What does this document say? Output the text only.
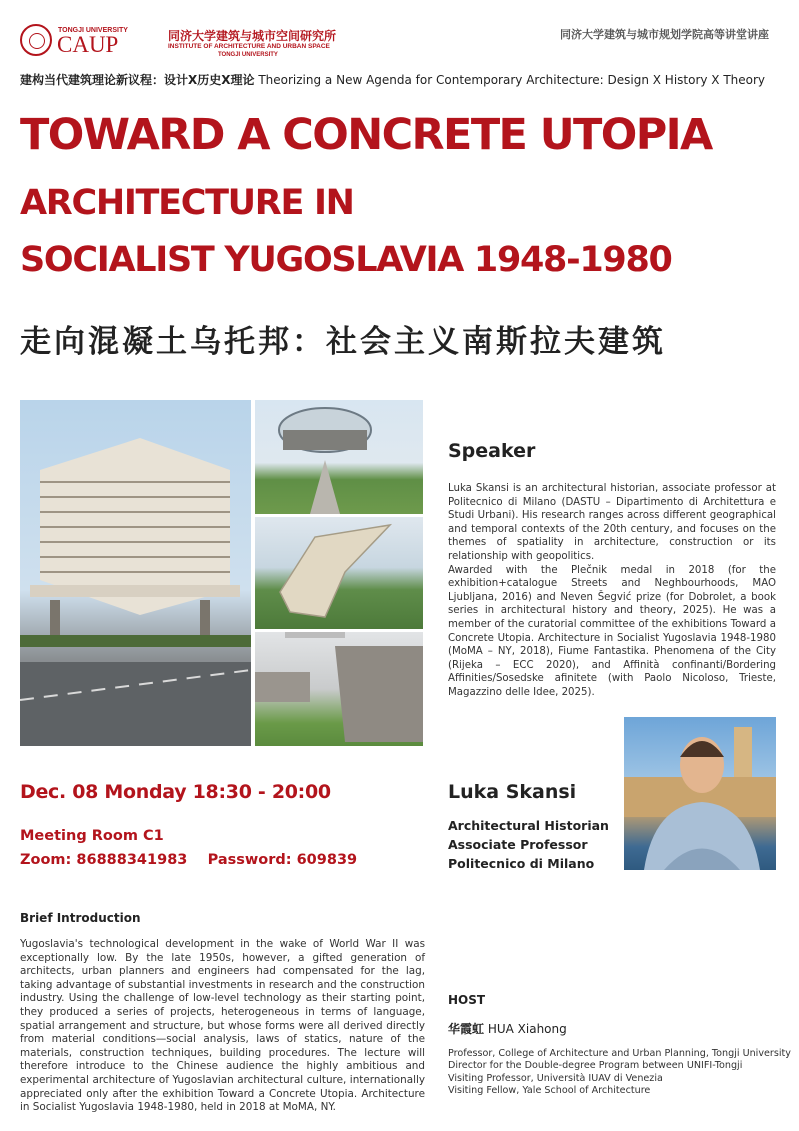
TONGJI UNIVERSITY
CAUP	同济大学建筑与城市空间研究所
INSTITUTE OF ARCHITECTURE AND URBAN SPACE
TONGJI UNIVERSITY
同济大学建筑与城市规划学院高等讲堂讲座
建构当代建筑理论新议程：设计X历史X理论 Theorizing a New Agenda for Contemporary Architecture: Design X History X Theory
TOWARD A CONCRETE UTOPIA
ARCHITECTURE IN
SOCIALIST YUGOSLAVIA 1948-1980
走向混凝土乌托邦：社会主义南斯拉夫建筑
Speaker

Luka Skansi is an architectural historian, associate professor at Politecnico di Milano (DASTU – Dipartimento di Architettura e Studi Urbani). His research ranges across different geographical and temporal contexts of the 20th century, and focuses on the themes of spatiality in architecture, construction or its relationship with geopolitics.

Awarded with the Plečnik medal in 2018 (for the exhibition+catalogue Streets and Neghbourhoods, MAO Ljubljana, 2016) and Neven Šegvić prize (for Dobrolet, a book series in architectural history and theory, 2025). He was a member of the curatorial committee of the exhibitions Toward a Concrete Utopia. Architecture in Socialist Yugoslavia 1948-1980 (MoMA – NY, 2018), Fiume Fantastika. Phenomena of the City (Rijeka – ECC 2020), and Affinità confinanti/Bordering Affinities/Sosedske afinitete (with Paolo Nicoloso, Trieste, Magazzino delle Idee, 2025).

Dec. 08 Monday 18:30 - 20:00
Meeting Room C1
Zoom: 86888341983 Password: 609839
Luka Skansi
Architectural Historian
Associate Professor
Politecnico di Milano
Brief Introduction
Yugoslavia's technological development in the wake of World War II was exceptionally low. By the late 1950s, however, a gifted generation of architects, urban planners and engineers had compensated for the lag, taking advantage of substantial investments in research and the construction industry. Using the challenge of low-level technology as their starting point, they produced a series of projects, heterogeneous in terms of language, spatial arrangement and structure, but whose forms were all derived directly from material conditions—social analysis, laws of statics, nature of the materials, construction techniques, building procedures. The lecture will therefore introduce to the Chinese audience the highly ambitious and experimental architecture of Yugoslavian architectural culture, internationally appreciated only after the exhibition Toward a Concrete Utopia. Architecture in Socialist Yugoslavia 1948-1980, held in 2018 at MoMA, NY.
HOST
华霞虹 HUA Xiahong
Professor, College of Architecture and Urban Planning, Tongji University
Director for the Double-degree Program between UNIFI-Tongji
Visiting Professor, Università IUAV di Venezia
Visiting Fellow, Yale School of Architecture
